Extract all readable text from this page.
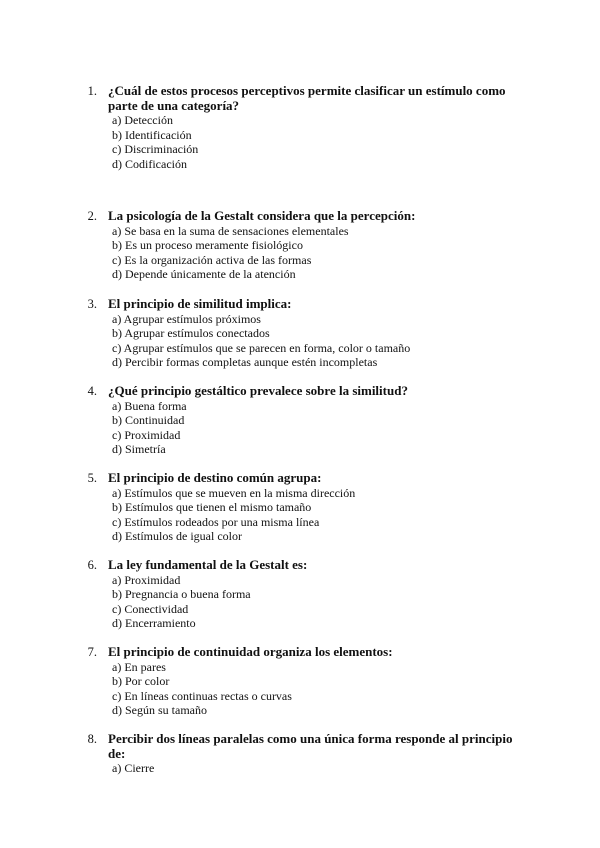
1. ¿Cuál de estos procesos perceptivos permite clasificar un estímulo como parte de una categoría?
a) Detección
b) Identificación
c) Discriminación
d) Codificación
2. La psicología de la Gestalt considera que la percepción:
a) Se basa en la suma de sensaciones elementales
b) Es un proceso meramente fisiológico
c) Es la organización activa de las formas
d) Depende únicamente de la atención
3. El principio de similitud implica:
a) Agrupar estímulos próximos
b) Agrupar estímulos conectados
c) Agrupar estímulos que se parecen en forma, color o tamaño
d) Percibir formas completas aunque estén incompletas
4. ¿Qué principio gestáltico prevalece sobre la similitud?
a) Buena forma
b) Continuidad
c) Proximidad
d) Simetría
5. El principio de destino común agrupa:
a) Estímulos que se mueven en la misma dirección
b) Estímulos que tienen el mismo tamaño
c) Estímulos rodeados por una misma línea
d) Estímulos de igual color
6. La ley fundamental de la Gestalt es:
a) Proximidad
b) Pregnancia o buena forma
c) Conectividad
d) Encerramiento
7. El principio de continuidad organiza los elementos:
a) En pares
b) Por color
c) En líneas continuas rectas o curvas
d) Según su tamaño
8. Percibir dos líneas paralelas como una única forma responde al principio de:
a) Cierre
